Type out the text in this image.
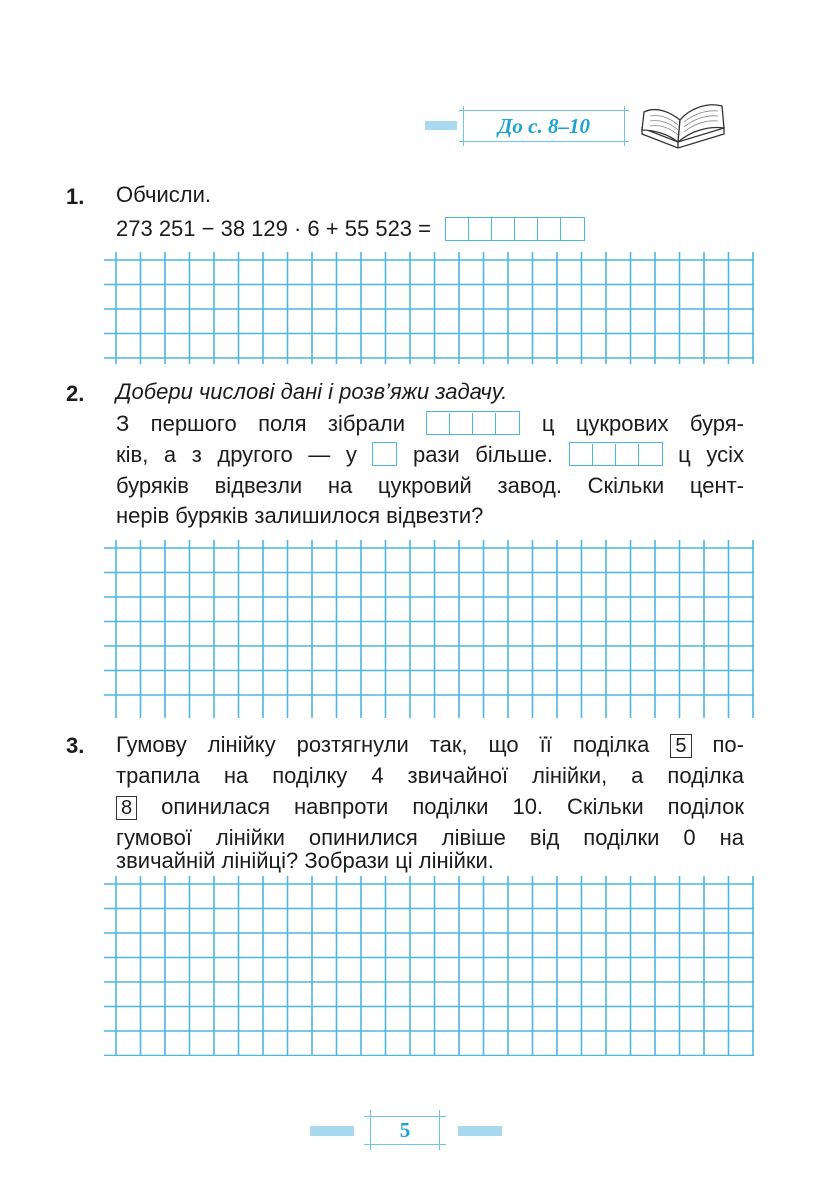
До с. 8–10
1. Обчисли.
273 251 − 38 129 · 6 + 55 523 =
2. Добери числові дані і розв’яжи задачу.
З першого поля зібрали	ц цукрових буря-
ків, а з другого — у	рази більше.	ц усіх
буряків відвезли на цукровий завод. Скільки цент-
нерів буряків залишилося відвезти?
3. Гумову лінійку розтягнули так, що її поділка 5 по-
трапила на поділку 4 звичайної лінійки, а поділка
8 опинилася навпроти поділки 10. Скільки поділок
гумової лінійки опинилися лівіше від поділки 0 на
звичайній лінійці? Зобрази ці лінійки.
5
